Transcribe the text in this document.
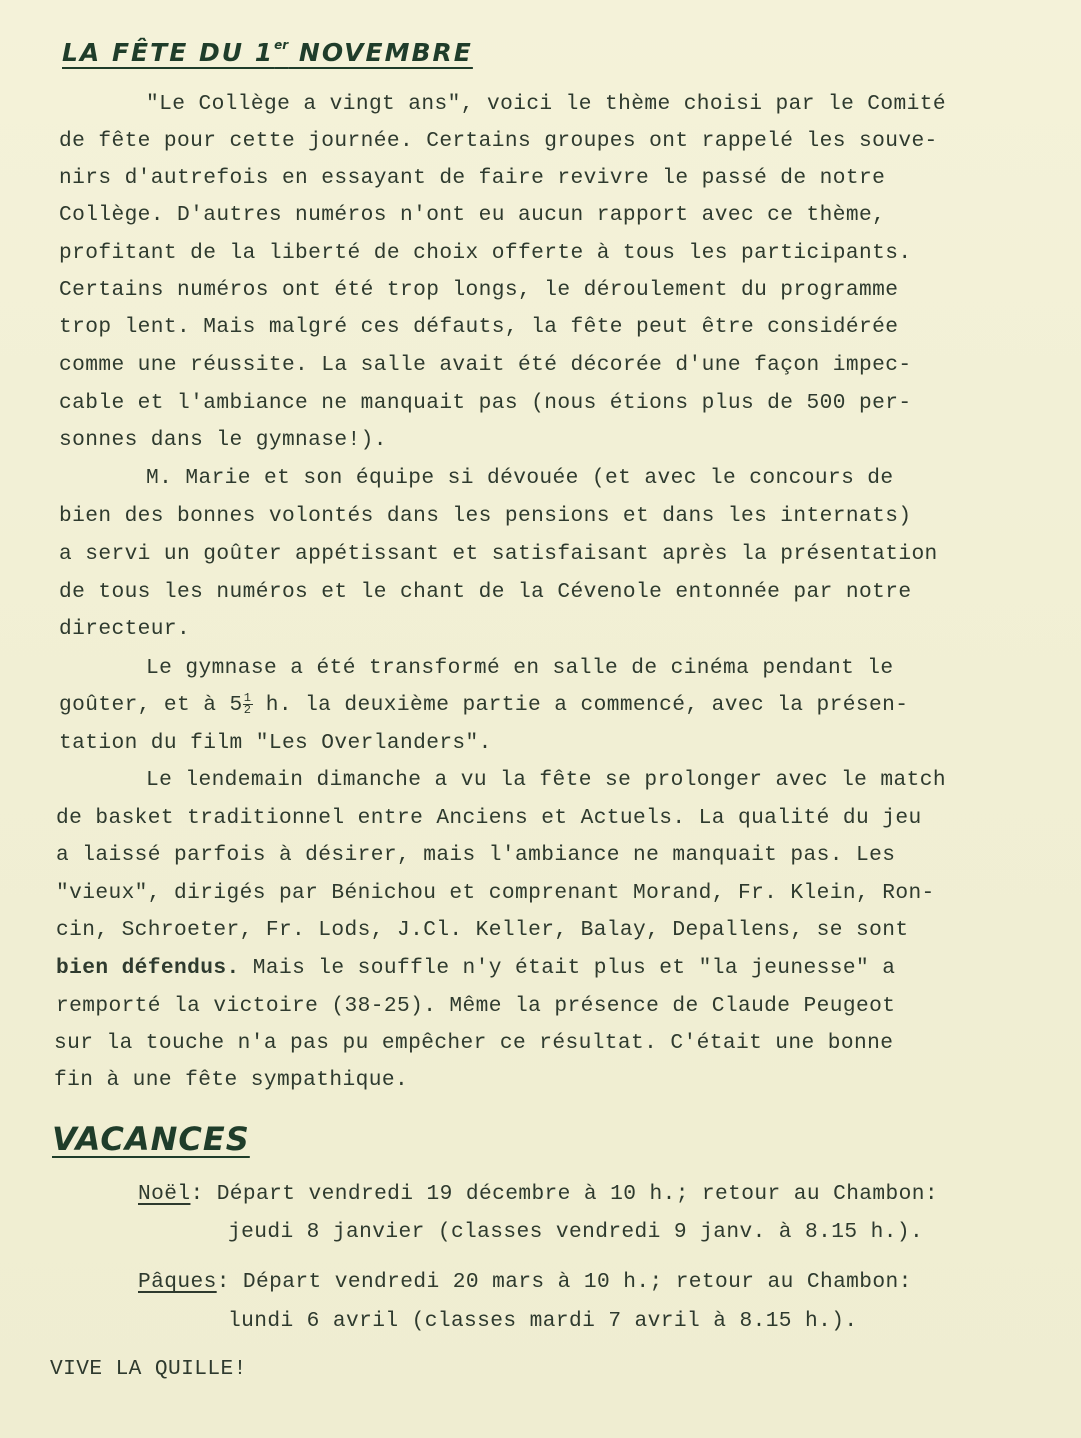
LA FÊTE DU 1er NOVEMBRE
"Le Collège a vingt ans", voici le thème choisi par le Comité
de fête pour cette journée. Certains groupes ont rappelé les souve-
nirs d'autrefois en essayant de faire revivre le passé de notre
Collège. D'autres numéros n'ont eu aucun rapport avec ce thème,
profitant de la liberté de choix offerte à tous les participants.
Certains numéros ont été trop longs, le déroulement du programme
trop lent. Mais malgré ces défauts, la fête peut être considérée
comme une réussite. La salle avait été décorée d'une façon impec-
cable et l'ambiance ne manquait pas (nous étions plus de 500 per-
sonnes dans le gymnase!).
M. Marie et son équipe si dévouée (et avec le concours de
bien des bonnes volontés dans les pensions et dans les internats)
a servi un goûter appétissant et satisfaisant après la présentation
de tous les numéros et le chant de la Cévenole entonnée par notre
directeur.
Le gymnase a été transformé en salle de cinéma pendant le
goûter, et à $5 \frac{1}{2} h$. la deuxième partie a commencé, avec la présen-
tation du film "Les Overlanders".
Le lendemain dimanche a vu la fête se prolonger avec le match
de basket traditionnel entre Anciens et Actuels. La qualité du jeu
a laissé parfois à désirer, mais l'ambiance ne manquait pas. Les
"vieux", dirigés par Bénichou et comprenant Morand, Fr. Klein, Ron-
cin, Schroeter, Fr. Lods, J.Cl. Keller, Balay, Depallens, se sont
bien défendus. Mais le souffle n'y était plus et "la jeunesse" a
remporté la victoire (38-25). Même la présence de Claude Peugeot
sur la touche n'a pas pu empêcher ce résultat. C'était une bonne
fin à une fête sympathique.
VACANCES
Noël: Départ vendredi 19 décembre à 10 h.; retour au Chambon:
jeudi 8 janvier (classes vendredi 9 janv. à 8.15 h.).
Pâques: Départ vendredi 20 mars à 10 h.; retour au Chambon:
lundi 6 avril (classes mardi 7 avril à 8.15 h.).
VIVE LA QUILLE!
